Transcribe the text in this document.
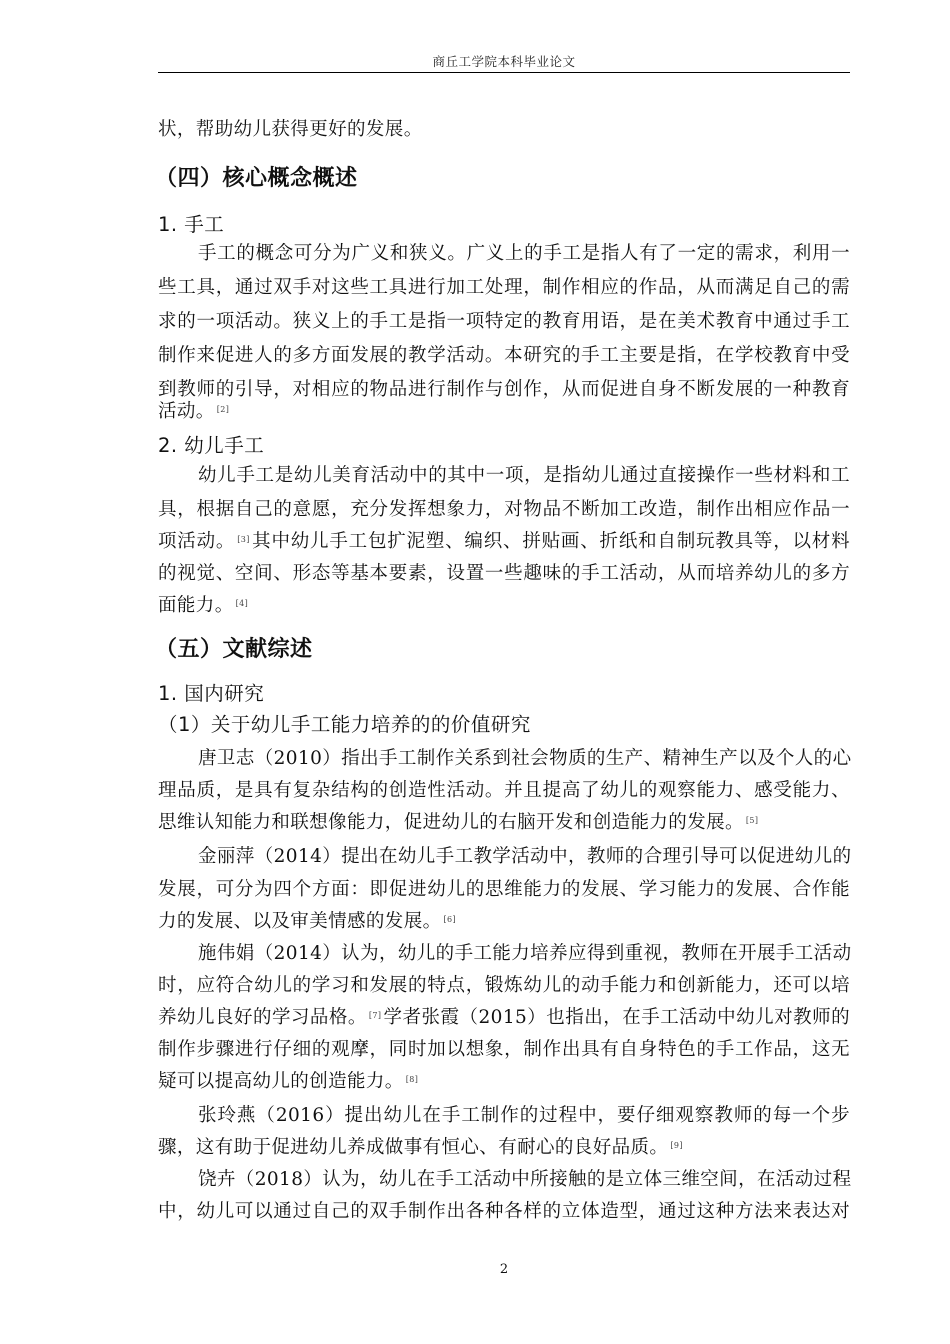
商丘工学院本科毕业论文
状，帮助幼儿获得更好的发展。
（四）核心概念概述
1. 手工
手工的概念可分为广义和狭义。广义上的手工是指人有了一定的需求，利用一
些工具，通过双手对这些工具进行加工处理，制作相应的作品，从而满足自己的需
求的一项活动。狭义上的手工是指一项特定的教育用语，是在美术教育中通过手工
制作来促进人的多方面发展的教学活动。本研究的手工主要是指，在学校教育中受
到教师的引导，对相应的物品进行制作与创作，从而促进自身不断发展的一种教育
活动。 [2]
2. 幼儿手工
幼儿手工是幼儿美育活动中的其中一项，是指幼儿通过直接操作一些材料和工
具，根据自己的意愿，充分发挥想象力，对物品不断加工改造，制作出相应作品一
项活动。 [3] 其中幼儿手工包扩泥塑、编织、拼贴画、折纸和自制玩教具等，以材料
的视觉、空间、形态等基本要素，设置一些趣味的手工活动，从而培养幼儿的多方
面能力。 [4]
（五）文献综述
1. 国内研究
（1）关于幼儿手工能力培养的的价值研究
唐卫志（2010）指出手工制作关系到社会物质的生产、精神生产以及个人的心
理品质，是具有复杂结构的创造性活动。并且提高了幼儿的观察能力、感受能力、
思维认知能力和联想像能力，促进幼儿的右脑开发和创造能力的发展。 [5]
金丽萍（2014）提出在幼儿手工教学活动中，教师的合理引导可以促进幼儿的
发展，可分为四个方面：即促进幼儿的思维能力的发展、学习能力的发展、合作能
力的发展、以及审美情感的发展。 [6]
施伟娟（2014）认为，幼儿的手工能力培养应得到重视，教师在开展手工活动
时，应符合幼儿的学习和发展的特点，锻炼幼儿的动手能力和创新能力，还可以培
养幼儿良好的学习品格。 [7] 学者张霞（2015）也指出，在手工活动中幼儿对教师的
制作步骤进行仔细的观摩，同时加以想象，制作出具有自身特色的手工作品，这无
疑可以提高幼儿的创造能力。 [8]
张玲燕（2016）提出幼儿在手工制作的过程中，要仔细观察教师的每一个步
骤，这有助于促进幼儿养成做事有恒心、有耐心的良好品质。 [9]
饶卉（2018）认为，幼儿在手工活动中所接触的是立体三维空间，在活动过程
中，幼儿可以通过自己的双手制作出各种各样的立体造型，通过这种方法来表达对
2
